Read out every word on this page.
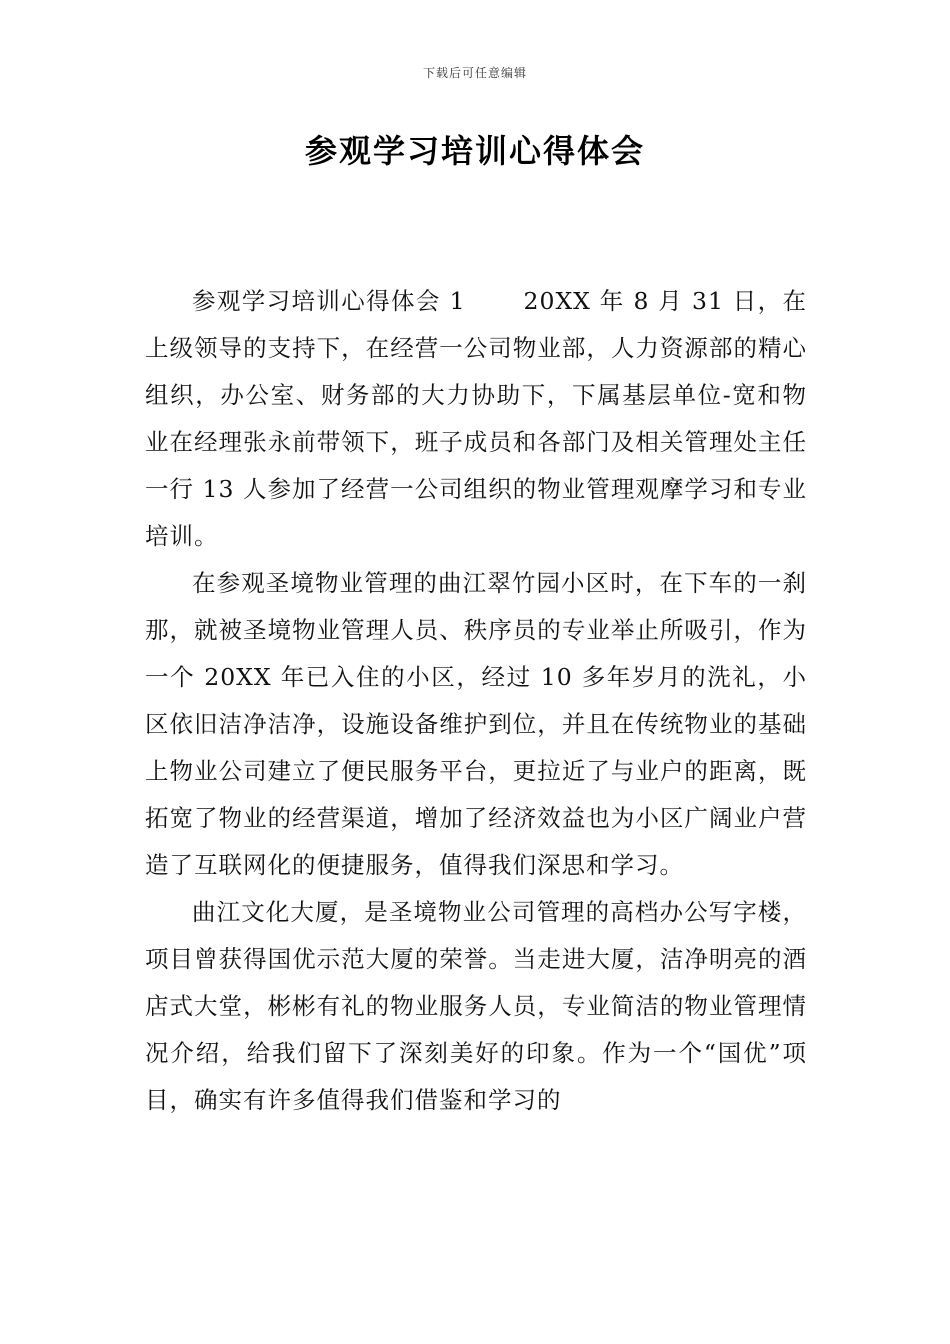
下载后可任意编辑
参观学习培训心得体会

参观学习培训心得体会 1 20XX 年 8 月 31 日，在上级领导的支持下，在经营一公司物业部，人力资源部的精心组织，办公室、财务部的大力协助下，下属基层单位-宽和物业在经理张永前带领下，班子成员和各部门及相关管理处主任一行 13 人参加了经营一公司组织的物业管理观摩学习和专业培训。

在参观圣境物业管理的曲江翠竹园小区时，在下车的一刹那，就被圣境物业管理人员、秩序员的专业举止所吸引，作为一个 20XX 年已入住的小区，经过 10 多年岁月的洗礼，小区依旧洁净洁净，设施设备维护到位，并且在传统物业的基础上物业公司建立了便民服务平台，更拉近了与业户的距离，既拓宽了物业的经营渠道，增加了经济效益也为小区广阔业户营造了互联网化的便捷服务，值得我们深思和学习。

曲江文化大厦，是圣境物业公司管理的高档办公写字楼，项目曾获得国优示范大厦的荣誉。当走进大厦，洁净明亮的酒店式大堂，彬彬有礼的物业服务人员，专业简洁的物业管理情况介绍，给我们留下了深刻美好的印象。作为一个“国优”项目，确实有许多值得我们借鉴和学习的
